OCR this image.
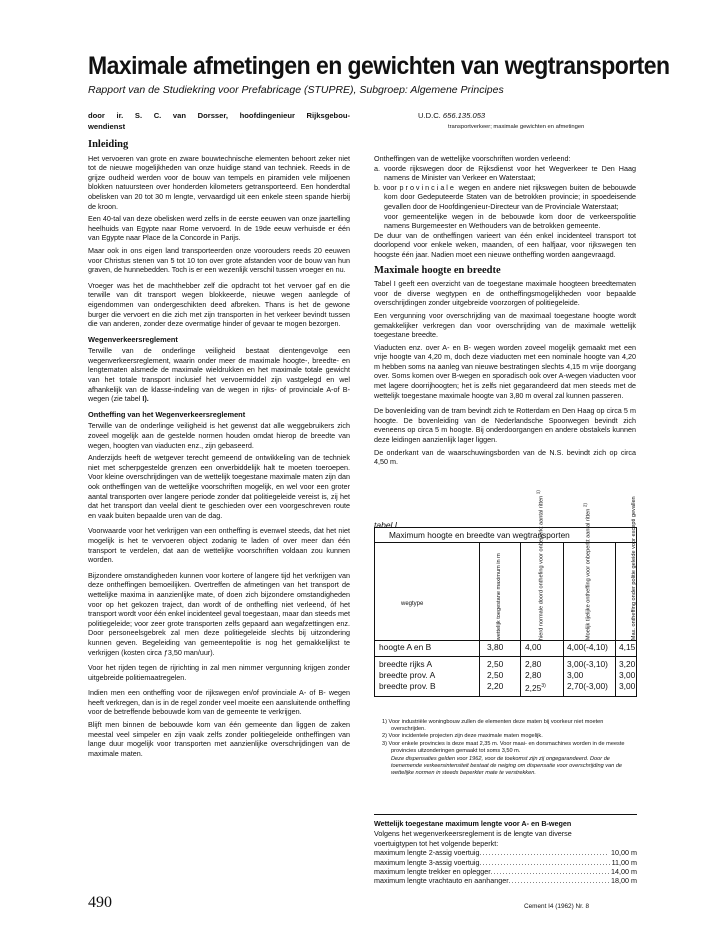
Maximale afmetingen en gewichten van wegtransporten
Rapport van de Studiekring voor Prefabricage (STUPRE), Subgroep: Algemene Principes
door ir. S. C. van Dorsser, hoofdingenieur Rijksgebou-
wendienst
U.D.C. 656.135.053
transportverkeer; maximale gewichten en afmetingen
Inleiding

Het vervoeren van grote en zware bouwtechnische elementen behoort zeker niet tot de nieuwe mogelijkheden van onze huidige stand van techniek. Reeds in de grijze oudheid werden voor de bouw van tempels en piramiden vele miljoenen blokken natuursteen over honderden kilometers getransporteerd. Een honderdtal obelisken van 20 tot 30 m lengte, vervaardigd uit een enkele steen spande hierbij de kroon.

Een 40-tal van deze obelisken werd zelfs in de eerste eeuwen van onze jaartelling heelhuids van Egypte naar Rome vervoerd. In de 19de eeuw verhuisde er één van Egypte naar Place de la Concorde in Parijs.

Maar ook in ons eigen land transporteerden onze voorouders reeds 20 eeuwen voor Christus stenen van 5 tot 10 ton over grote afstanden voor de bouw van hun graven, de hunnebedden. Toch is er een wezenlijk verschil tussen vroeger en nu.

Vroeger was het de machthebber zelf die opdracht tot het vervoer gaf en die terwille van dit transport wegen blokkeerde, nieuwe wegen aanlegde of eigendommen van ondergeschikten deed afbreken. Thans is het de gewone burger die vervoert en die zich met zijn transporten in het verkeer bevindt tussen die van anderen, zonder deze overmatige hinder of gevaar te mogen bezorgen.

Wegenverkeersreglement

Terwille van de onderlinge veiligheid bestaat dientengevolge een wegenverkeersreglement, waarin onder meer de maximale hoogte-, breedte- en lengtematen alsmede de maximale wieldrukken en het maximale totale gewicht van het totale transport inclusief het vervoermiddel zijn vastgelegd en wel afhankelijk van de klasse-indeling van de wegen in rijks- of provinciale A-of B-wegen (zie tabel I).

Ontheffing van het Wegenverkeersreglement

Terwille van de onderlinge veiligheid is het gewenst dat alle weggebruikers zich zoveel mogelijk aan de gestelde normen houden omdat hierop de breedte van wegen, hoogten van viaducten enz., zijn gebaseerd.

Anderzijds heeft de wetgever terecht gemeend de ontwikkeling van de techniek niet met scherpgestelde grenzen een onverbiddelijk halt te moeten toeroepen. Voor kleine overschrijdingen van de wettelijk toegestane maximale maten zijn dan ook ontheffingen van de wettelijke voorschriften mogelijk, en wel voor een groter aantal transporten over langere periode zonder dat politiegeleide vereist is, zij het dat het transport dan veelal dient te geschieden over een voorgeschreven route en vaak buiten bepaalde uren van de dag.

Voorwaarde voor het verkrijgen van een ontheffing is evenwel steeds, dat het niet mogelijk is het te vervoeren object zodanig te laden of over meer dan één transport te verdelen, dat aan de wettelijke voorschriften voldaan zou kunnen worden.

Bijzondere omstandigheden kunnen voor kortere of langere tijd het verkrijgen van deze ontheffingen bemoeilijken. Overtreffen de afmetingen van het transport de wettelijke maxima in aanzienlijke mate, of doen zich bijzondere omstandigheden voor op het gekozen traject, dan wordt of de ontheffing niet verleend, óf het transport wordt voor één enkel incidenteel geval toegestaan, maar dan steeds met politiegeleide; voor zeer grote transporten zelfs gepaard aan wegafzettingen enz. Door personeelsgebrek zal men deze politiegeleide slechts bij uitzondering kunnen geven. Begeleiding van gemeentepolitie is nog het gemakkelijkst te verkrijgen (kosten circa ƒ3,50 man/uur).

Voor het rijden tegen de rijrichting in zal men nimmer vergunning krijgen zonder uitgebreide politiemaatregelen.

Indien men een ontheffing voor de rijkswegen en/of provinciale A- of B- wegen heeft verkregen, dan is in de regel zonder veel moeite een aansluitende ontheffing voor de betreffende bebouwde kom van de gemeente te verkrijgen.

Blijft men binnen de bebouwde kom van één gemeente dan liggen de zaken meestal veel simpeler en zijn vaak zelfs zonder politiegeleide ontheffingen van lange duur mogelijk voor transporten met aanzienlijke overschrijdingen van de maximale maten.

Ontheffingen van de wettelijke voorschriften worden verleend:

a. voorde rijkswegen door de Rijksdienst voor het Wegverkeer te Den Haag namens de Minister van Verkeer en Waterstaat;

b. voor provinciale wegen en andere niet rijkswegen buiten de bebouwde kom door Gedeputeerde Staten van de betrokken provincie; in spoedeisende gevallen door de Hoofdingenieur-Directeur van de Provinciale Waterstaat;

voor gemeentelijke wegen in de bebouwde kom door de verkeerspolitie namens Burgemeester en Wethouders van de betrokken gemeente.

De duur van de ontheffingen varieert van één enkel incidenteel transport tot doorlopend voor enkele weken, maanden, of een halfjaar, voor rijkswegen ten hoogste één jaar. Nadien moet een nieuwe ontheffing worden aangevraagd.

Maximale hoogte en breedte

Tabel I geeft een overzicht van de toegestane maximale hoogteen breedtematen voor de diverse wegtypen en de ontheffingsmogelijkheden voor bepaalde overschrijdingen zonder uitgebreide voorzorgen of politiegeleide.

Een vergunning voor overschrijding van de maximaal toegestane hoogte wordt gemakkelijker verkregen dan voor overschrijding van de maximale wettelijk toegestane breedte.

Viaducten enz. over A- en B- wegen worden zoveel mogelijk gemaakt met een vrije hoogte van 4,20 m, doch deze viaducten met een nominale hoogte van 4,20 m hebben soms na aanleg van nieuwe bestratingen slechts 4,15 m vrije doorgang over. Soms komen over B-wegen en sporadisch ook over A-wegen viaducten voor met lagere doorrijhoogten; het is zelfs niet gegarandeerd dat men steeds met de wettelijk toegestane maximale hoogte van 3,80 m overal zal kunnen passeren.

De bovenleiding van de tram bevindt zich te Rotterdam en Den Haag op circa 5 m hoogte. De bovenleiding van de Nederlandsche Spoorwegen bevindt zich eveneens op circa 5 m hoogte. Bij onderdoorgangen en andere obstakels kunnen deze leidingen aanzienlijk lager liggen.

De onderkant van de waarschuwingsborden van de N.S. bevindt zich op circa 4,50 m.

tabel I
Maximum hoogte en breedte van wegtransporten
wegtype	wettelijk toegestane maximum in m	hierd normale doord onthefing voor onbeperkt aantal ritten $^{1)}$
Moelijk tijelijke ontheffing voor onbeperkt aantal ritten $^{2)}$	Max. ontheffing onder politie geleide voor excepti gevallen
hoogte A en B	3,80	4,00	4,00(-4,10) 4,15
breedte rijks A	2,50	2,80	3,00(-3,10) 3,20
breedte prov. A	2,50	2,80	3,00	3,00
breedte prov. B	2,20	2,25$^{3)}$	2,70(-3,00) 3,00

1) Voor industriële woningbouw zullen de elementen deze maten bij voorkeur niet moeten overschrijden.

2) Voor incidentele projecten zijn deze maximale maten mogelijk.

3) Voor enkele provincies is deze maat 2,35 m. Voor maai- en dorsmachines worden in de meeste provincies uitzonderingen gemaakt tot soms 3,50 m.

Deze dispensaties gelden voor 1962, voor de toekomst zijn zij ongegarandeerd. Door de toenemende verkeersintensiteit bestaat de neiging om dispensatie voor overschrijding van de wettelijke normen in steeds beperkter mate te verstrekken.

Wettelijk toegestane maximum lengte voor A- en B-wegen
Volgens het wegenverkeersreglement is de lengte van diverse
voertuigtypen tot het volgende beperkt:
maximum lengte 2-assig voertuig .....	10,00 m
maximum lengte 3-assig voertuig .....	11,00 m
maximum lengte trekker en oplegger .....	14,00 m
maximum lengte vrachtauto en aanhanger .....	18,00 m
490	Cement I4 (1962) Nr. 8
